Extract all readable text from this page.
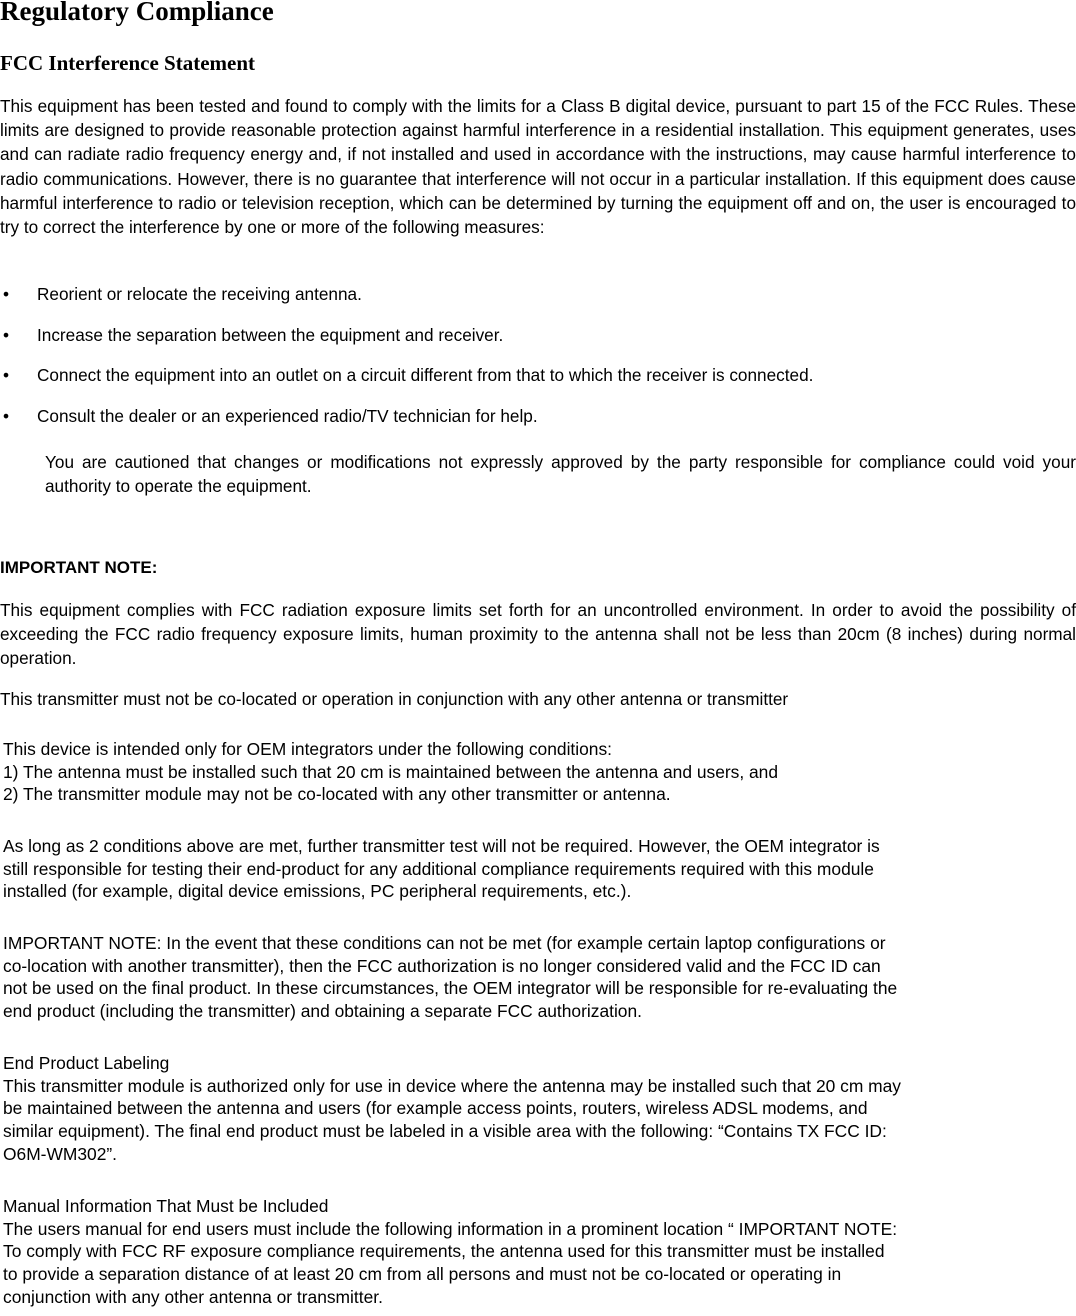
Regulatory Compliance
FCC Interference Statement

This equipment has been tested and found to comply with the limits for a Class B digital device, pursuant to part 15 of the FCC Rules. These limits are designed to provide reasonable protection against harmful interference in a residential installation. This equipment generates, uses and can radiate radio frequency energy and, if not installed and used in accordance with the instructions, may cause harmful interference to radio communications. However, there is no guarantee that interference will not occur in a particular installation. If this equipment does cause harmful interference to radio or television reception, which can be determined by turning the equipment off and on, the user is encouraged to try to correct the interference by one or more of the following measures:

• Reorient or relocate the receiving antenna.
• Increase the separation between the equipment and receiver.
• Connect the equipment into an outlet on a circuit different from that to which the receiver is connected.
• Consult the dealer or an experienced radio/TV technician for help.

You are cautioned that changes or modifications not expressly approved by the party responsible for compliance could void your authority to operate the equipment.

IMPORTANT NOTE:

This equipment complies with FCC radiation exposure limits set forth for an uncontrolled environment. In order to avoid the possibility of exceeding the FCC radio frequency exposure limits, human proximity to the antenna shall not be less than 20cm (8 inches) during normal operation.

This transmitter must not be co-located or operation in conjunction with any other antenna or transmitter

This device is intended only for OEM integrators under the following conditions:
1) The antenna must be installed such that 20 cm is maintained between the antenna and users, and
2) The transmitter module may not be co-located with any other transmitter or antenna.
As long as 2 conditions above are met, further transmitter test will not be required. However, the OEM integrator is
still responsible for testing their end-product for any additional compliance requirements required with this module
installed (for example, digital device emissions, PC peripheral requirements, etc.).
IMPORTANT NOTE: In the event that these conditions can not be met (for example certain laptop configurations or
co-location with another transmitter), then the FCC authorization is no longer considered valid and the FCC ID can
not be used on the final product. In these circumstances, the OEM integrator will be responsible for re-evaluating the
end product (including the transmitter) and obtaining a separate FCC authorization.
End Product Labeling
This transmitter module is authorized only for use in device where the antenna may be installed such that 20 cm may
be maintained between the antenna and users (for example access points, routers, wireless ADSL modems, and
similar equipment). The final end product must be labeled in a visible area with the following: “Contains TX FCC ID:
O6M-WM302”.
Manual Information That Must be Included
The users manual for end users must include the following information in a prominent location “ IMPORTANT NOTE:
To comply with FCC RF exposure compliance requirements, the antenna used for this transmitter must be installed
to provide a separation distance of at least 20 cm from all persons and must not be co-located or operating in
conjunction with any other antenna or transmitter.
